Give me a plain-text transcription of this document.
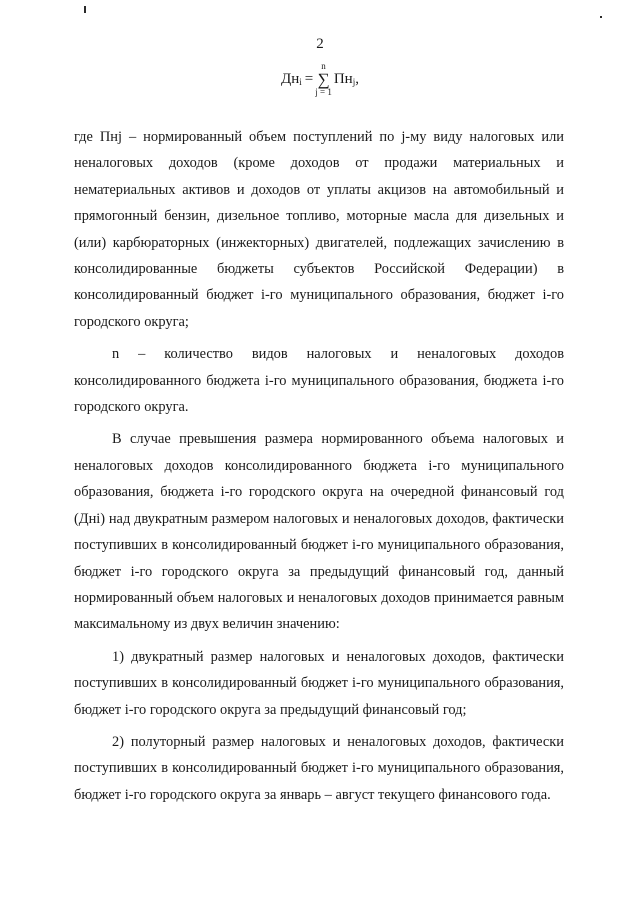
2
$Дн_i$ =
n
∑
j = 1
$Пн_j$ ,

где Пнj – нормированный объем поступлений по j-му виду налоговых или неналоговых доходов (кроме доходов от продажи материальных и нематериальных активов и доходов от уплаты акцизов на автомобильный и прямогонный бензин, дизельное топливо, моторные масла для дизельных и (или) карбюраторных (инжекторных) двигателей, подлежащих зачислению в консолидированные бюджеты субъектов Российской Федерации) в консолидированный бюджет i-го муниципального образования, бюджет i-го городского округа;

n – количество видов налоговых и неналоговых доходов консолидированного бюджета i-го муниципального образования, бюджета i-го городского округа.

В случае превышения размера нормированного объема налоговых и неналоговых доходов консолидированного бюджета i-го муниципального образования, бюджета i-го городского округа на очередной финансовый год (Днi) над двукратным размером налоговых и неналоговых доходов, фактически поступивших в консолидированный бюджет i-го муниципального образования, бюджет i-го городского округа за предыдущий финансовый год, данный нормированный объем налоговых и неналоговых доходов принимается равным максимальному из двух величин значению:

1) двукратный размер налоговых и неналоговых доходов, фактически поступивших в консолидированный бюджет i-го муниципального образования, бюджет i-го городского округа за предыдущий финансовый год;

2) полуторный размер налоговых и неналоговых доходов, фактически поступивших в консолидированный бюджет i-го муниципального образования, бюджет i-го городского округа за январь – август текущего финансового года.
